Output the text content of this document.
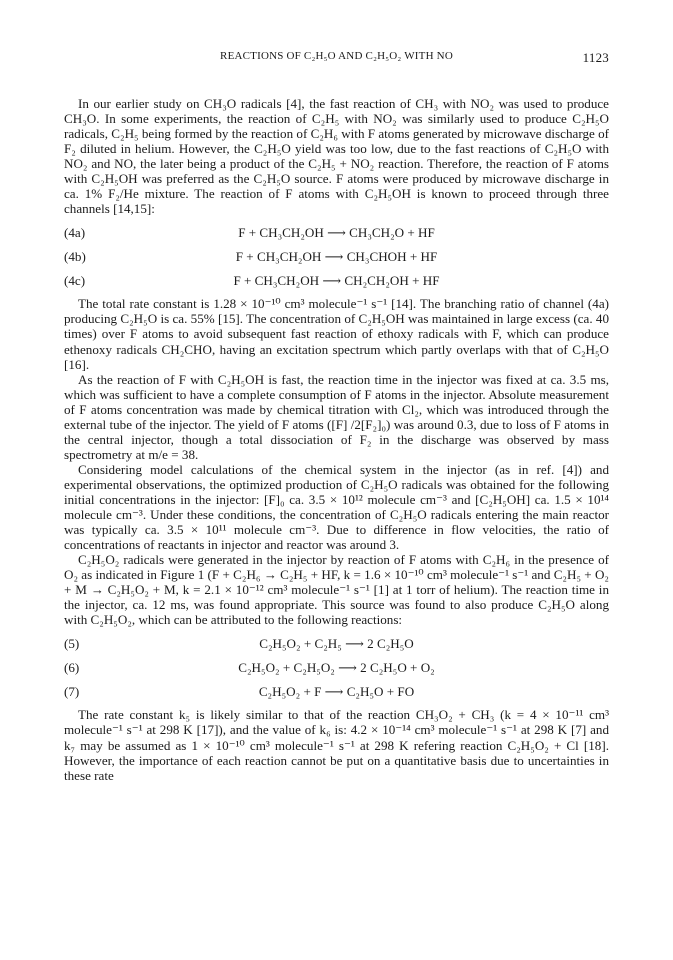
REACTIONS OF C₂H₅O AND C₂H₅O₂ WITH NO	1123

In our earlier study on CH₃O radicals [4], the fast reaction of CH₃ with NO₂ was used to produce CH₃O. In some experiments, the reaction of C₂H₅ with NO₂ was similarly used to produce C₂H₅O radicals, C₂H₅ being formed by the reaction of C₂H₆ with F atoms generated by microwave discharge of F₂ diluted in helium. However, the C₂H₅O yield was too low, due to the fast reactions of C₂H₅O with NO₂ and NO, the later being a product of the C₂H₅ + NO₂ reaction. Therefore, the reaction of F atoms with C₂H₅OH was preferred as the C₂H₅O source. F atoms were produced by microwave discharge in ca. 1% F₂/He mixture. The reaction of F atoms with C₂H₅OH is known to proceed through three channels [14,15]:

(4a)	F + CH₃CH₂OH ⟶ CH₃CH₂O + HF
(4b)	F + CH₃CH₂OH ⟶ CH₃CHOH + HF
(4c)	F + CH₃CH₂OH ⟶ CH₂CH₂OH + HF

The total rate constant is 1.28 × 10⁻¹⁰ cm³ molecule⁻¹ s⁻¹ [14]. The branching ratio of channel (4a) producing C₂H₅O is ca. 55% [15]. The concentration of C₂H₅OH was maintained in large excess (ca. 40 times) over F atoms to avoid subsequent fast reaction of ethoxy radicals with F, which can produce ethenoxy radicals CH₂CHO, having an excitation spectrum which partly overlaps with that of C₂H₅O [16].

As the reaction of F with C₂H₅OH is fast, the reaction time in the injector was fixed at ca. 3.5 ms, which was sufficient to have a complete consumption of F atoms in the injector. Absolute measurement of F atoms concentration was made by chemical titration with Cl₂, which was introduced through the external tube of the injector. The yield of F atoms ([F] /2[F₂]₀) was around 0.3, due to loss of F atoms in the central injector, though a total dissociation of F₂ in the discharge was observed by mass spectrometry at m/e = 38.

Considering model calculations of the chemical system in the injector (as in ref. [4]) and experimental observations, the optimized production of C₂H₅O radicals was obtained for the following initial concentrations in the injector: [F]₀ ca. 3.5 × 10¹² molecule cm⁻³ and [C₂H₅OH] ca. 1.5 × 10¹⁴ molecule cm⁻³. Under these conditions, the concentration of C₂H₅O radicals entering the main reactor was typically ca. 3.5 × 10¹¹ molecule cm⁻³. Due to difference in flow velocities, the ratio of concentrations of reactants in injector and reactor was around 3.

C₂H₅O₂ radicals were generated in the injector by reaction of F atoms with C₂H₆ in the presence of O₂ as indicated in Figure 1 (F + C₂H₆ → C₂H₅ + HF, k = 1.6 × 10⁻¹⁰ cm³ molecule⁻¹ s⁻¹ and C₂H₅ + O₂ + M → C₂H₅O₂ + M, k = 2.1 × 10⁻¹² cm³ molecule⁻¹ s⁻¹ [1] at 1 torr of helium). The reaction time in the injector, ca. 12 ms, was found appropriate. This source was found to also produce C₂H₅O along with C₂H₅O₂, which can be attributed to the following reactions:

(5)	C₂H₅O₂ + C₂H₅ ⟶ 2 C₂H₅O
(6)	C₂H₅O₂ + C₂H₅O₂ ⟶ 2 C₂H₅O + O₂
(7)	C₂H₅O₂ + F ⟶ C₂H₅O + FO

The rate constant k₅ is likely similar to that of the reaction CH₃O₂ + CH₃ (k = 4 × 10⁻¹¹ cm³ molecule⁻¹ s⁻¹ at 298 K [17]), and the value of k₆ is: 4.2 × 10⁻¹⁴ cm³ molecule⁻¹ s⁻¹ at 298 K [7] and k₇ may be assumed as 1 × 10⁻¹⁰ cm³ molecule⁻¹ s⁻¹ at 298 K refering reaction C₂H₅O₂ + Cl [18]. However, the importance of each reaction cannot be put on a quantitative basis due to uncertainties in these rate
